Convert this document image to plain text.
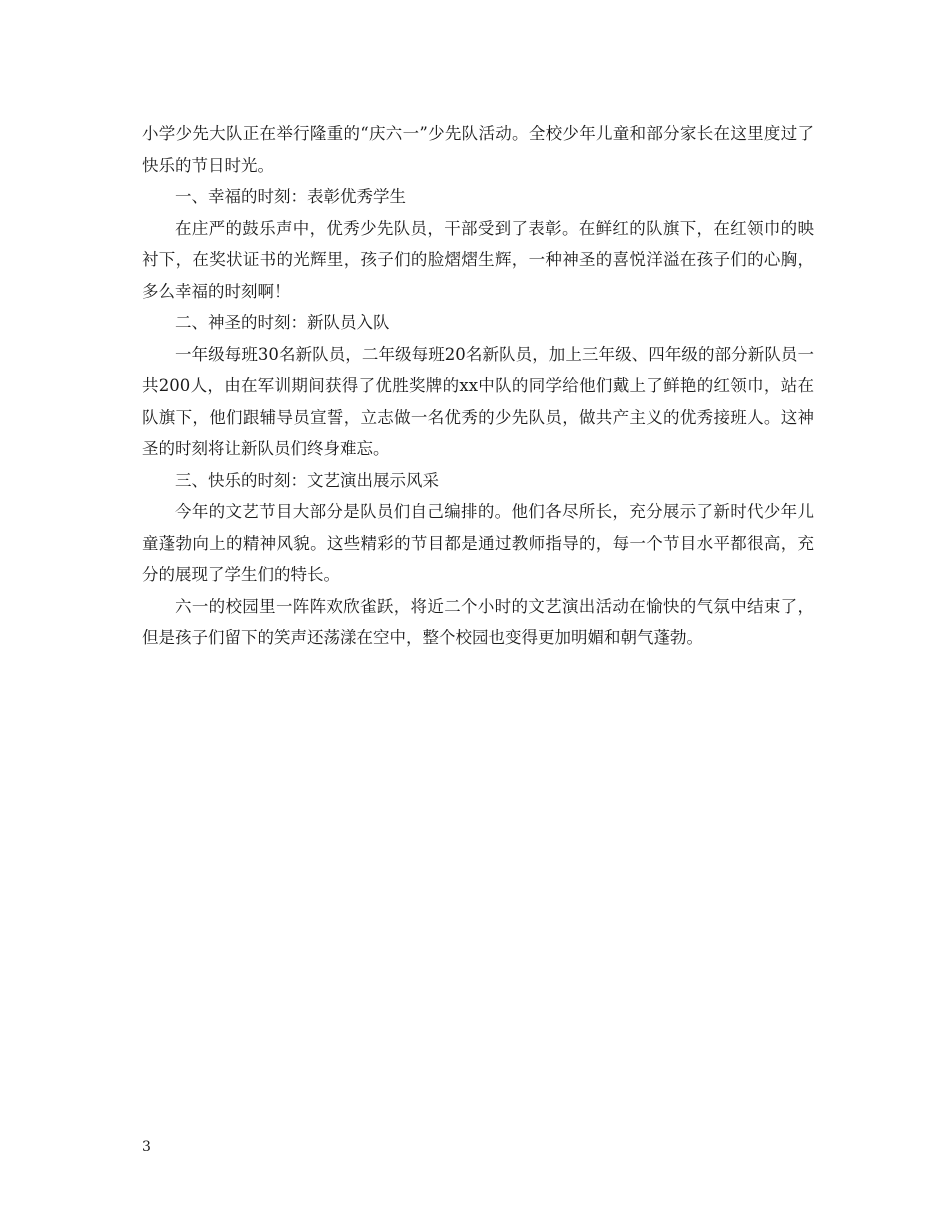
小学少先大队正在举行隆重的“庆六一”少先队活动。全校少年儿童和部分家长在这里度过了快乐的节日时光。

一、幸福的时刻：表彰优秀学生

在庄严的鼓乐声中，优秀少先队员，干部受到了表彰。在鲜红的队旗下，在红领巾的映衬下，在奖状证书的光辉里，孩子们的脸熠熠生辉，一种神圣的喜悦洋溢在孩子们的心胸，多么幸福的时刻啊！

二、神圣的时刻：新队员入队

一年级每班30名新队员，二年级每班20名新队员，加上三年级、四年级的部分新队员一共200人，由在军训期间获得了优胜奖牌的xx中队的同学给他们戴上了鲜艳的红领巾，站在队旗下，他们跟辅导员宣誓，立志做一名优秀的少先队员，做共产主义的优秀接班人。这神圣的时刻将让新队员们终身难忘。

三、快乐的时刻：文艺演出展示风采

今年的文艺节目大部分是队员们自己编排的。他们各尽所长，充分展示了新时代少年儿童蓬勃向上的精神风貌。这些精彩的节目都是通过教师指导的，每一个节目水平都很高，充分的展现了学生们的特长。

六一的校园里一阵阵欢欣雀跃，将近二个小时的文艺演出活动在愉快的气氛中结束了，但是孩子们留下的笑声还荡漾在空中，整个校园也变得更加明媚和朝气蓬勃。

3
